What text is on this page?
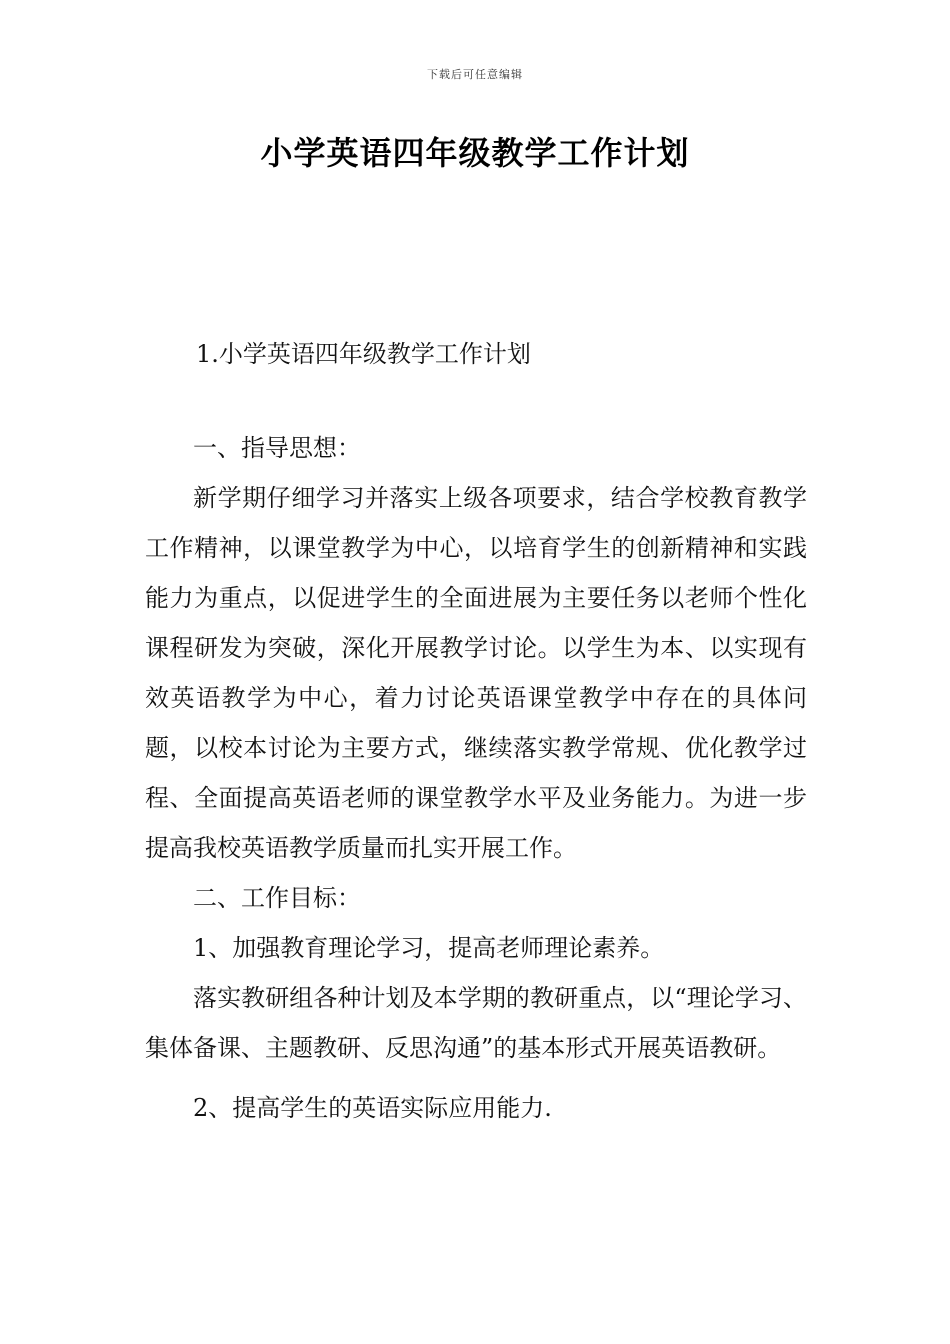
下载后可任意编辑
小学英语四年级教学工作计划
1.小学英语四年级教学工作计划

一、指导思想：

新学期仔细学习并落实上级各项要求，结合学校教育教学工作精神，以课堂教学为中心，以培育学生的创新精神和实践能力为重点，以促进学生的全面进展为主要任务以老师个性化课程研发为突破，深化开展教学讨论。以学生为本、以实现有效英语教学为中心，着力讨论英语课堂教学中存在的具体问题，以校本讨论为主要方式，继续落实教学常规、优化教学过程、全面提高英语老师的课堂教学水平及业务能力。为进一步提高我校英语教学质量而扎实开展工作。

二、工作目标：

1、加强教育理论学习，提高老师理论素养。

落实教研组各种计划及本学期的教研重点，以“理论学习、集体备课、主题教研、反思沟通”的基本形式开展英语教研。

2、提高学生的英语实际应用能力.
